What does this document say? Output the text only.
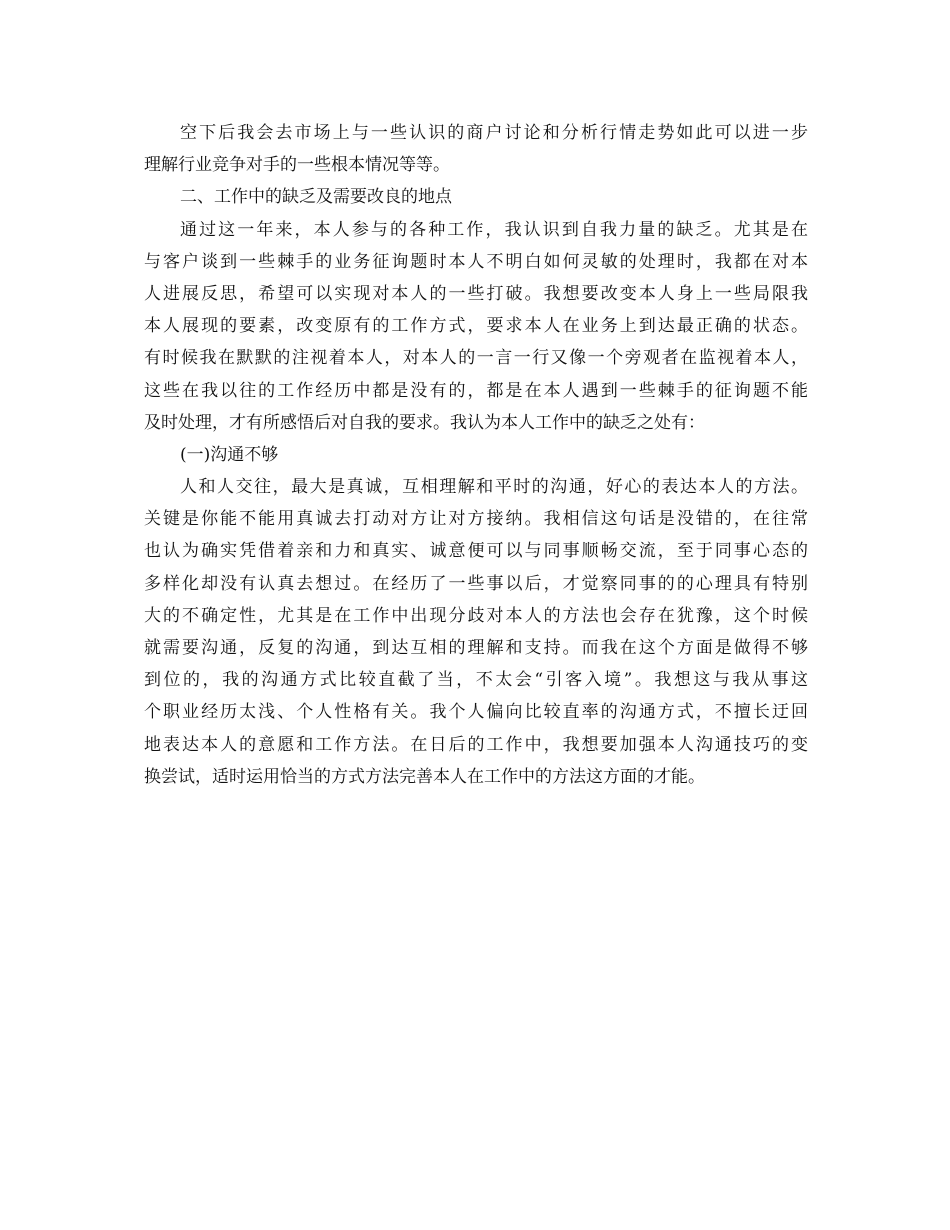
空下后我会去市场上与一些认识的商户讨论和分析行情走势如此可以进一步
理解行业竞争对手的一些根本情况等等。
二、工作中的缺乏及需要改良的地点
通过这一年来，本人参与的各种工作，我认识到自我力量的缺乏。尤其是在
与客户谈到一些棘手的业务征询题时本人不明白如何灵敏的处理时，我都在对本
人进展反思，希望可以实现对本人的一些打破。我想要改变本人身上一些局限我
本人展现的要素，改变原有的工作方式，要求本人在业务上到达最正确的状态。
有时候我在默默的注视着本人，对本人的一言一行又像一个旁观者在监视着本人，
这些在我以往的工作经历中都是没有的，都是在本人遇到一些棘手的征询题不能
及时处理，才有所感悟后对自我的要求。我认为本人工作中的缺乏之处有：
(一)沟通不够
人和人交往，最大是真诚，互相理解和平时的沟通，好心的表达本人的方法。
关键是你能不能用真诚去打动对方让对方接纳。我相信这句话是没错的，在往常
也认为确实凭借着亲和力和真实、诚意便可以与同事顺畅交流，至于同事心态的
多样化却没有认真去想过。在经历了一些事以后，才觉察同事的的心理具有特别
大的不确定性，尤其是在工作中出现分歧对本人的方法也会存在犹豫，这个时候
就需要沟通，反复的沟通，到达互相的理解和支持。而我在这个方面是做得不够
到位的，我的沟通方式比较直截了当，不太会“引客入境”。我想这与我从事这
个职业经历太浅、个人性格有关。我个人偏向比较直率的沟通方式，不擅长迂回
地表达本人的意愿和工作方法。在日后的工作中，我想要加强本人沟通技巧的变
换尝试，适时运用恰当的方式方法完善本人在工作中的方法这方面的才能。
